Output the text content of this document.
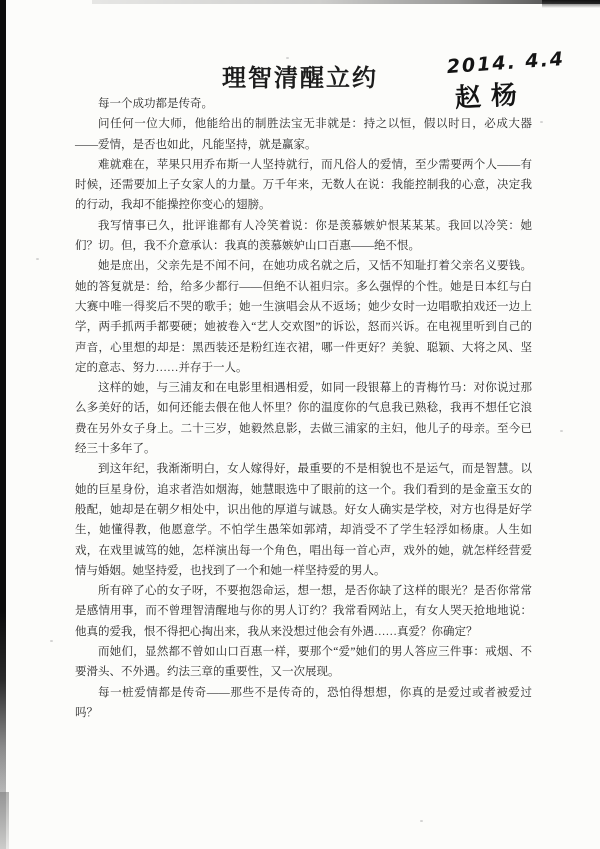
理智清醒立约
2014. 4.4
赵杨

每一个成功都是传奇。

问任何一位大师，他能给出的制胜法宝无非就是：持之以恒，假以时日，必成大器——爱情，是否也如此，凡能坚持，就是赢家。

难就难在，苹果只用乔布斯一人坚持就行，而凡俗人的爱情，至少需要两个人——有时候，还需要加上子女家人的力量。万千年来，无数人在说：我能控制我的心意，决定我的行动，我却不能操控你变心的翅膀。

我写情事已久，批评谁都有人冷笑着说：你是羡慕嫉妒恨某某某。我回以冷笑：她们？切。但，我不介意承认：我真的羡慕嫉妒山口百惠——绝不恨。

她是庶出，父亲先是不闻不问，在她功成名就之后，又恬不知耻打着父亲名义要钱。她的答复就是：给，给多少都行——但绝不认祖归宗。多么强悍的个性。她是日本红与白大赛中唯一得奖后不哭的歌手；她一生演唱会从不返场；她少女时一边唱歌拍戏还一边上学，两手抓两手都要硬；她被卷入“艺人交欢图”的诉讼，怒而兴诉。在电视里听到自己的声音，心里想的却是：黑西装还是粉红连衣裙，哪一件更好？美貌、聪颖、大将之风、坚定的意志、努力……并存于一人。

这样的她，与三浦友和在电影里相遇相爱，如同一段银幕上的青梅竹马：对你说过那么多美好的话，如何还能去偎在他人怀里？你的温度你的气息我已熟稔，我再不想任它浪费在另外女子身上。二十三岁，她毅然息影，去做三浦家的主妇，他儿子的母亲。至今已经三十多年了。

到这年纪，我渐渐明白，女人嫁得好，最重要的不是相貌也不是运气，而是智慧。以她的巨星身份，追求者浩如烟海，她慧眼选中了眼前的这一个。我们看到的是金童玉女的般配，她却是在朝夕相处中，识出他的厚道与诚恳。好女人确实是学校，对方也得是好学生，她懂得教，他愿意学。不怕学生愚笨如郭靖，却消受不了学生轻浮如杨康。人生如戏，在戏里诚笃的她，怎样演出每一个角色，唱出每一首心声，戏外的她，就怎样经营爱情与婚姻。她坚持爱，也找到了一个和她一样坚持爱的男人。

所有碎了心的女子呀，不要抱怨命运，想一想，是否你缺了这样的眼光？是否你常常是感情用事，而不曾理智清醒地与你的男人订约？我常看网站上，有女人哭天抢地地说：他真的爱我，恨不得把心掏出来，我从来没想过他会有外遇……真爱？你确定？

而她们，显然都不曾如山口百惠一样，要那个“爱”她们的男人答应三件事：戒烟、不要滑头、不外遇。约法三章的重要性，又一次展现。

每一桩爱情都是传奇——那些不是传奇的，恐怕得想想，你真的是爱过或者被爱过吗？
